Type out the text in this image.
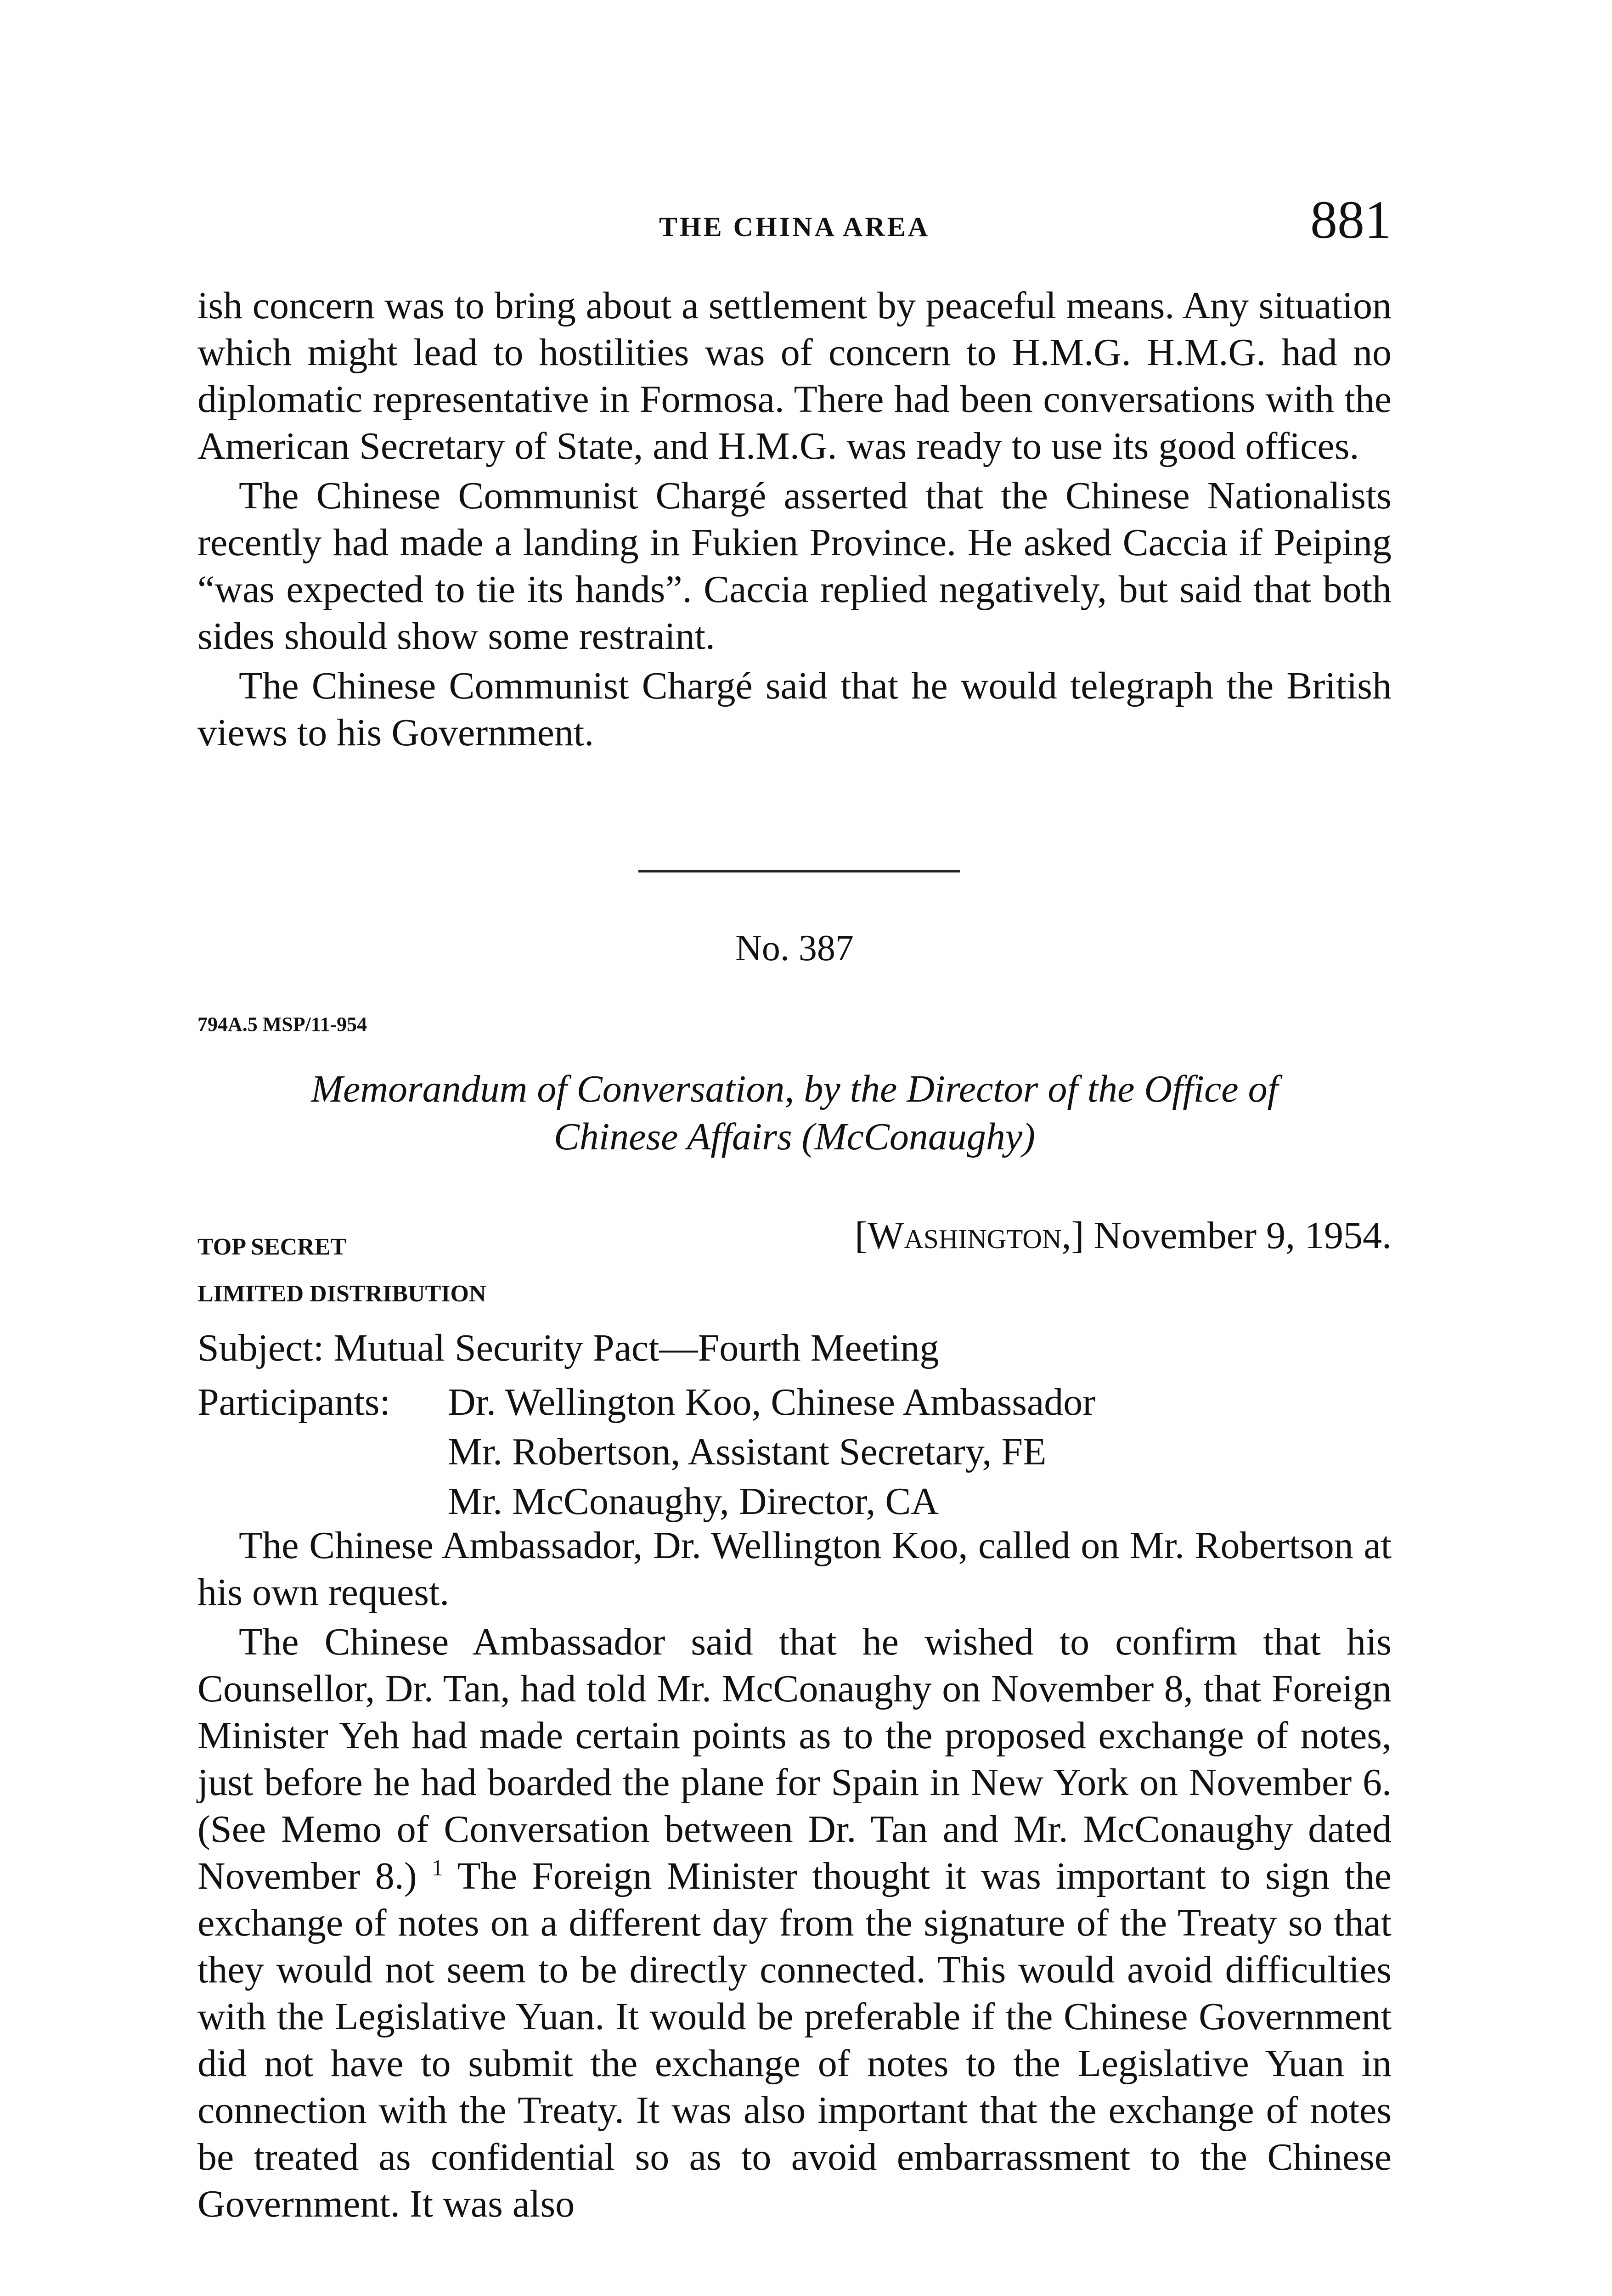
THE CHINA AREA	881

ish concern was to bring about a settlement by peaceful means. Any situation which might lead to hostilities was of concern to H.M.G. H.M.G. had no diplomatic representative in Formosa. There had been conversations with the American Secretary of State, and H.M.G. was ready to use its good offices.

The Chinese Communist Chargé asserted that the Chinese Nationalists recently had made a landing in Fukien Province. He asked Caccia if Peiping “was expected to tie its hands”. Caccia replied negatively, but said that both sides should show some restraint.

The Chinese Communist Chargé said that he would telegraph the British views to his Government.

No. 387
794A.5 MSP/11-954
Memorandum of Conversation, by the Director of the Office of
Chinese Affairs (McConaughy)
TOP SECRET
LIMITED DISTRIBUTION
[Washington,] November 9, 1954.
Subject: Mutual Security Pact—Fourth Meeting
Participants: Dr. Wellington Koo, Chinese Ambassador
Mr. Robertson, Assistant Secretary, FE
Mr. McConaughy, Director, CA

The Chinese Ambassador, Dr. Wellington Koo, called on Mr. Robertson at his own request.

The Chinese Ambassador said that he wished to confirm that his Counsellor, Dr. Tan, had told Mr. McConaughy on November 8, that Foreign Minister Yeh had made certain points as to the proposed exchange of notes, just before he had boarded the plane for Spain in New York on November 6. (See Memo of Conversation between Dr. Tan and Mr. McConaughy dated November 8.) $^1$ The Foreign Minister thought it was important to sign the exchange of notes on a different day from the signature of the Treaty so that they would not seem to be directly connected. This would avoid difficulties with the Legislative Yuan. It would be preferable if the Chinese Government did not have to submit the exchange of notes to the Legislative Yuan in connection with the Treaty. It was also important that the exchange of notes be treated as confidential so as to avoid embarrassment to the Chinese Government. It was also
